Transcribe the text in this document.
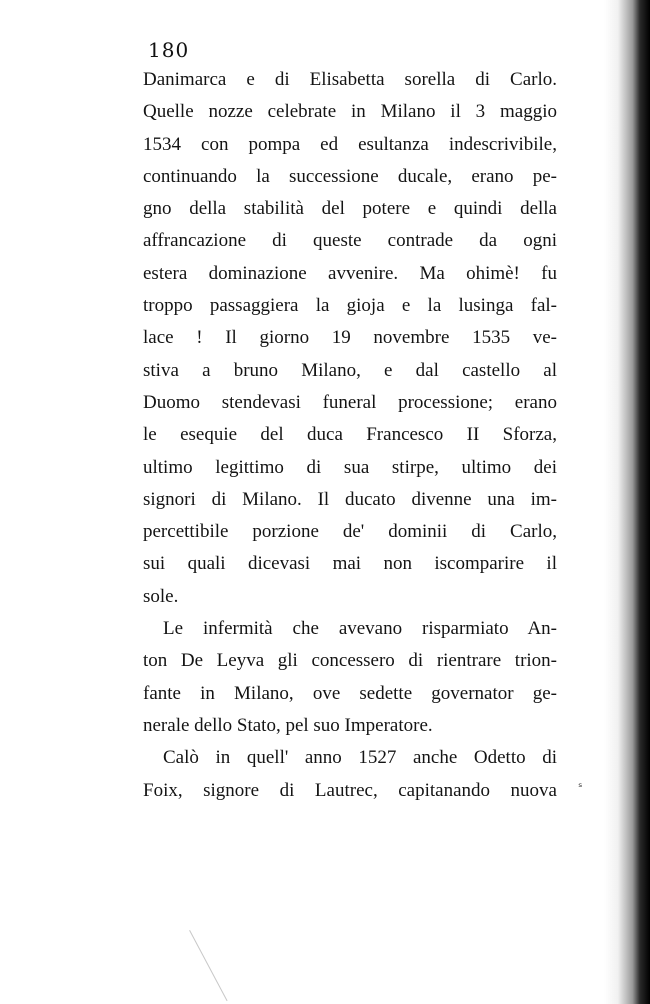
180
Danimarca e di Elisabetta sorella di Carlo.
Quelle nozze celebrate in Milano il 3 maggio
1534 con pompa ed esultanza indescrivibile,
continuando la successione ducale, erano pe-
gno della stabilità del potere e quindi della
affrancazione di queste contrade da ogni
estera dominazione avvenire. Ma ohimè! fu
troppo passaggiera la gioja e la lusinga fal-
lace ! Il giorno 19 novembre 1535 ve-
stiva a bruno Milano, e dal castello al
Duomo stendevasi funeral processione; erano
le esequie del duca Francesco II Sforza,
ultimo legittimo di sua stirpe, ultimo dei
signori di Milano. Il ducato divenne una im-
percettibile porzione de' dominii di Carlo,
sui quali dicevasi mai non iscomparire il
sole.
Le infermità che avevano risparmiato An-
ton De Leyva gli concessero di rientrare trion-
fante in Milano, ove sedette governator ge-
nerale dello Stato, pel suo Imperatore.
Calò in quell' anno 1527 anche Odetto di
Foix, signore di Lautrec, capitanando nuova ˢ
